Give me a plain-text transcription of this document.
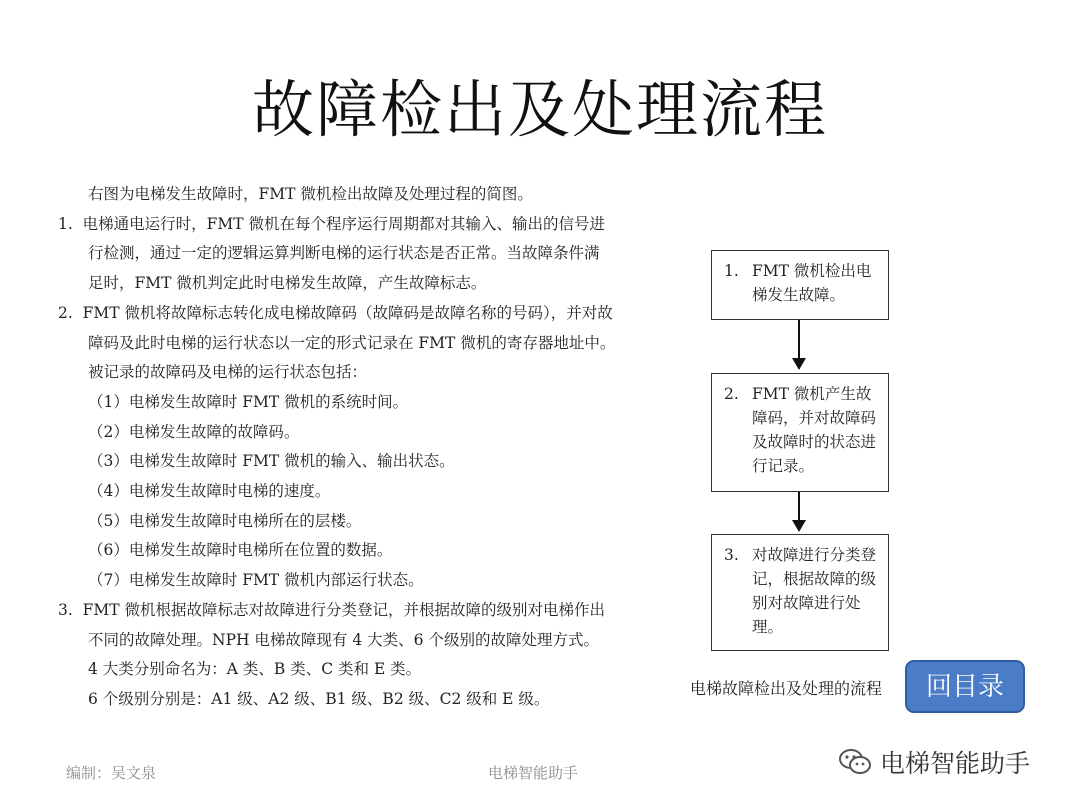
故障检出及处理流程
右图为电梯发生故障时，FMT 微机检出故障及处理过程的简图。
1. 电梯通电运行时，FMT 微机在每个程序运行周期都对其输入、输出的信号进
行检测，通过一定的逻辑运算判断电梯的运行状态是否正常。当故障条件满
足时，FMT 微机判定此时电梯发生故障，产生故障标志。
2. FMT 微机将故障标志转化成电梯故障码（故障码是故障名称的号码），并对故
障码及此时电梯的运行状态以一定的形式记录在 FMT 微机的寄存器地址中。
被记录的故障码及电梯的运行状态包括：
（1）电梯发生故障时 FMT 微机的系统时间。
（2）电梯发生故障的故障码。
（3）电梯发生故障时 FMT 微机的输入、输出状态。
（4）电梯发生故障时电梯的速度。
（5）电梯发生故障时电梯所在的层楼。
（6）电梯发生故障时电梯所在位置的数据。
（7）电梯发生故障时 FMT 微机内部运行状态。
3. FMT 微机根据故障标志对故障进行分类登记，并根据故障的级别对电梯作出
不同的故障处理。NPH 电梯故障现有 4 大类、6 个级别的故障处理方式。
4 大类分别命名为：A 类、B 类、C 类和 E 类。
6 个级别分别是：A1 级、A2 级、B1 级、B2 级、C2 级和 E 级。
1. FMT 微机检出电梯发生故障。
2. FMT 微机产生故障码，并对故障码及故障时的状态进行记录。
3. 对故障进行分类登记，根据故障的级别对故障进行处理。
电梯故障检出及处理的流程	回目录
编制：吴文泉	电梯智能助手	电梯智能助手
